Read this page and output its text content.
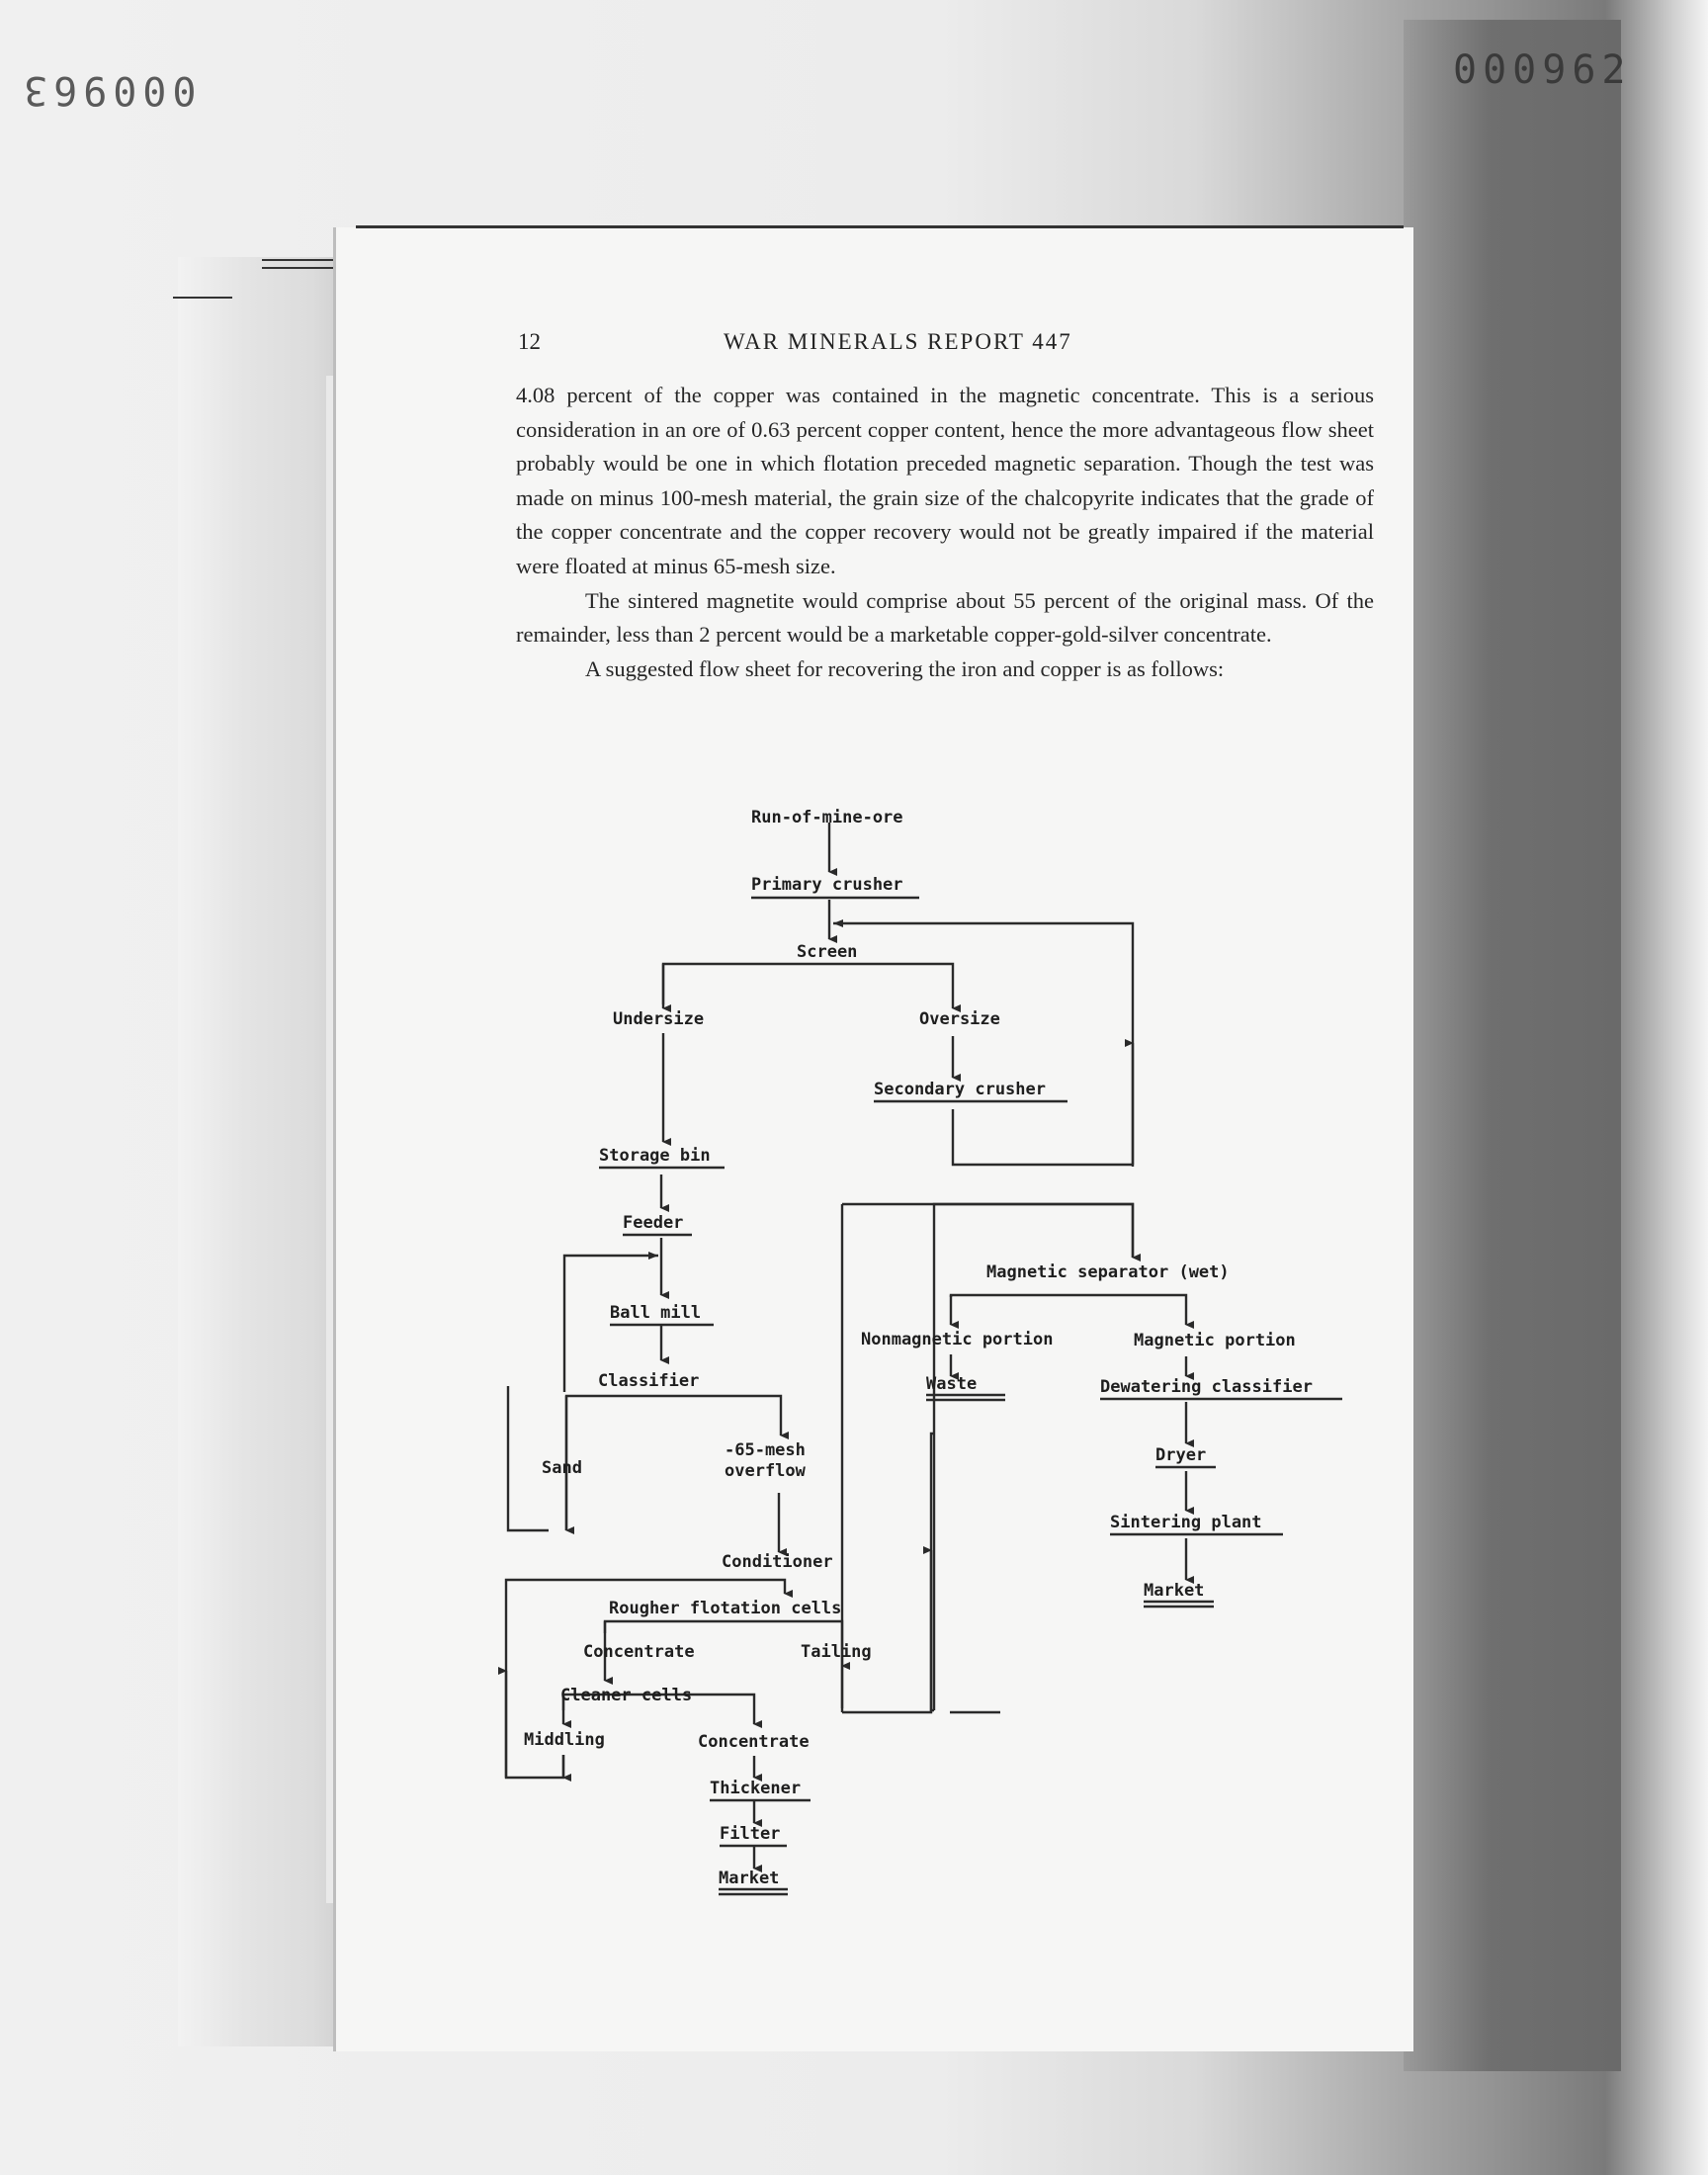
000963	000962
12	WAR MINERALS REPORT 447

4.08 percent of the copper was contained in the magnetic concentrate. This is a serious consideration in an ore of 0.63 percent copper content, hence the more advantageous flow sheet probably would be one in which flotation preceded magnetic separation. Though the test was made on minus 100-mesh material, the grain size of the chalcopyrite indicates that the grade of the copper concentrate and the copper recovery would not be greatly impaired if the material were floated at minus 65-mesh size.

The sintered magnetite would comprise about 55 percent of the original mass. Of the remainder, less than 2 percent would be a marketable copper-gold-silver concentrate.

A suggested flow sheet for recovering the iron and copper is as follows:

Run-of-mine-ore
Primary crusher
Screen
Undersize	Oversize
Secondary crusher
Storage bin
Feeder
Ball mill
Classifier
Sand
-65-mesh
overflow
Conditioner
Rougher flotation cells
Concentrate	Tailing
Cleaner cells
Middling	Concentrate
Thickener
Filter
Market
Magnetic separator (wet)
Nonmagnetic portion
Waste
Magnetic portion
Dewatering classifier
Dryer
Sintering plant
Market
